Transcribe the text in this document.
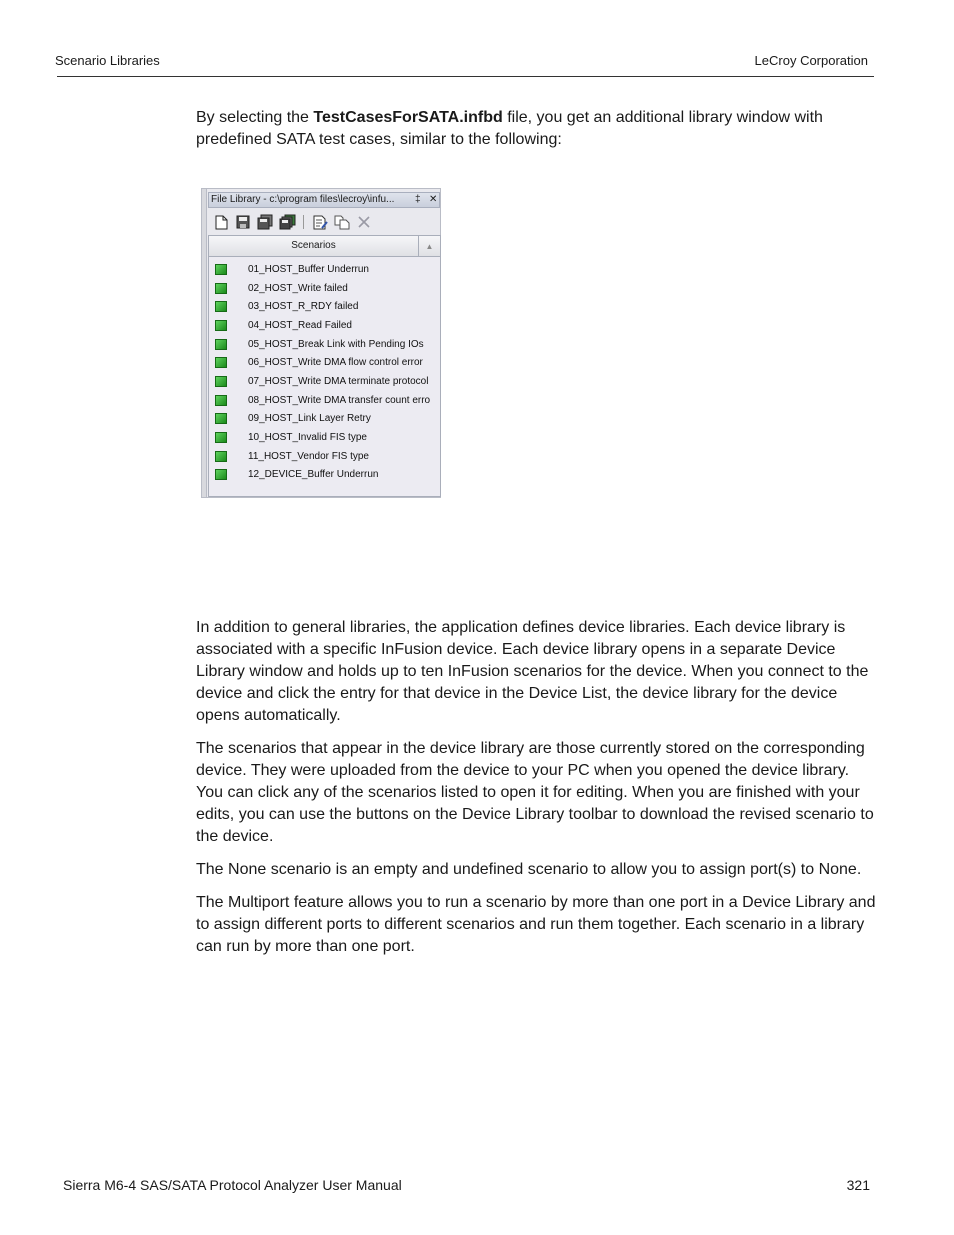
Scenario Libraries	LeCroy Corporation

By selecting the TestCasesForSATA.infbd file, you get an additional library window with predefined SATA test cases, similar to the following:

File Library - c:\program files\lecroy\infu... ‡ ✕
Scenarios	▲
01_HOST_Buffer Underrun
02_HOST_Write failed
03_HOST_R_RDY failed
04_HOST_Read Failed
05_HOST_Break Link with Pending IOs
06_HOST_Write DMA flow control error
07_HOST_Write DMA terminate protocol
08_HOST_Write DMA transfer count erro
09_HOST_Link Layer Retry
10_HOST_Invalid FIS type
11_HOST_Vendor FIS type
12_DEVICE_Buffer Underrun

In addition to general libraries, the application defines device libraries. Each device library is associated with a specific InFusion device. Each device library opens in a separate Device Library window and holds up to ten InFusion scenarios for the device. When you connect to the device and click the entry for that device in the Device List, the device library for the device opens automatically.

The scenarios that appear in the device library are those currently stored on the corresponding device. They were uploaded from the device to your PC when you opened the device library. You can click any of the scenarios listed to open it for editing. When you are finished with your edits, you can use the buttons on the Device Library toolbar to download the revised scenario to the device.

The None scenario is an empty and undefined scenario to allow you to assign port(s) to None.

The Multiport feature allows you to run a scenario by more than one port in a Device Library and to assign different ports to different scenarios and run them together. Each scenario in a library can run by more than one port.

Sierra M6-4 SAS/SATA Protocol Analyzer User Manual	321
